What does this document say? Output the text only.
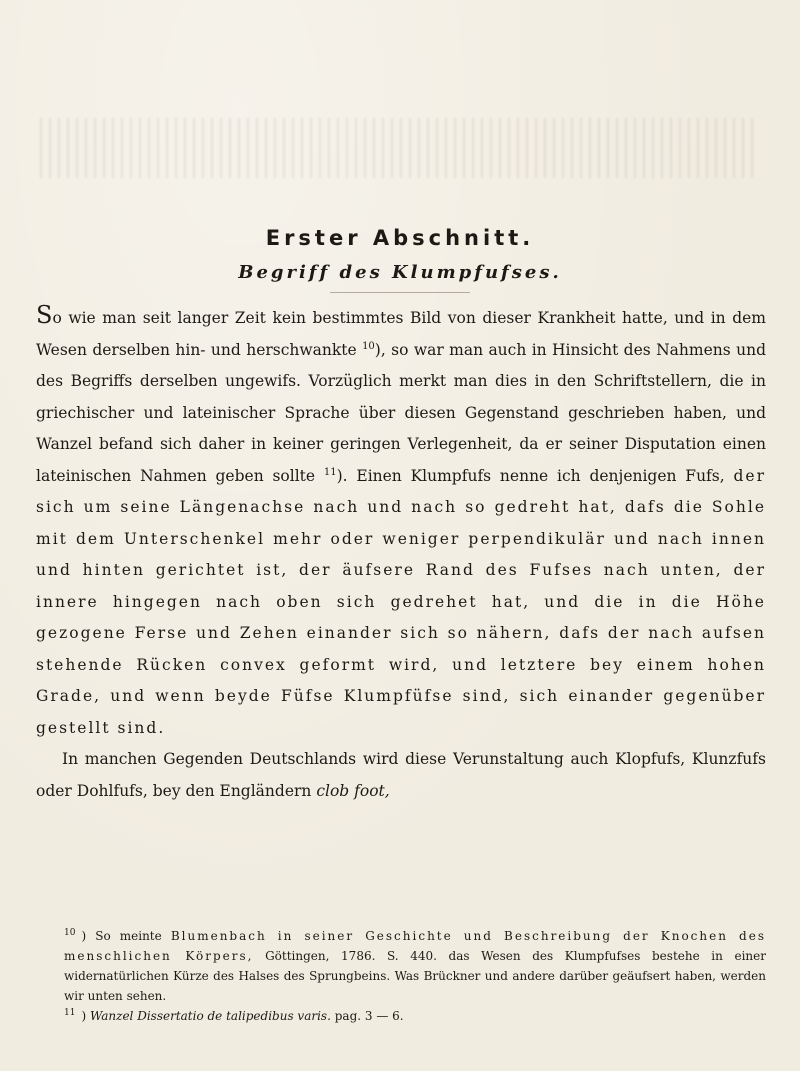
Erster Abschnitt.
Begriff des Klumpfufses.

So wie man seit langer Zeit kein bestimmtes Bild von dieser Krankheit hatte, und in dem Wesen derselben hin- und herschwankte $^{10}$), so war man auch in Hinsicht des Nahmens und des Begriffs derselben ungewifs. Vorzüglich merkt man dies in den Schriftstellern, die in griechischer und lateinischer Sprache über diesen Gegenstand geschrieben haben, und Wanzel befand sich daher in keiner geringen Verlegenheit, da er seiner Disputation einen lateinischen Nahmen geben sollte $^{11}$). Einen Klumpfufs nenne ich denjenigen Fufs, der sich um seine Längenachse nach und nach so gedreht hat, dafs die Sohle mit dem Unterschenkel mehr oder weniger perpendikulär und nach innen und hinten gerichtet ist, der äufsere Rand des Fufses nach unten, der innere hingegen nach oben sich gedrehet hat, und die in die Höhe gezogene Ferse und Zehen einander sich so nähern, dafs der nach aufsen stehende Rücken convex geformt wird, und letztere bey einem hohen Grade, und wenn beyde Füfse Klumpfüfse sind, sich einander gegenüber gestellt sind.

In manchen Gegenden Deutschlands wird diese Verunstaltung auch Klopfufs, Klunzfufs oder Dohlfufs, bey den Engländern clob foot,

$^{10}$ ) So meinte Blumenbach in seiner Geschichte und Beschreibung der Knochen des menschlichen Körpers, Göttingen, 1786. S. 440. das Wesen des Klumpfufses bestehe in einer widernatürlichen Kürze des Halses des Sprungbeins. Was Brückner und andere darüber geäufsert haben, werden wir unten sehen.

$^{11}$ ) Wanzel Dissertatio de talipedibus varis. pag. 3 — 6.
